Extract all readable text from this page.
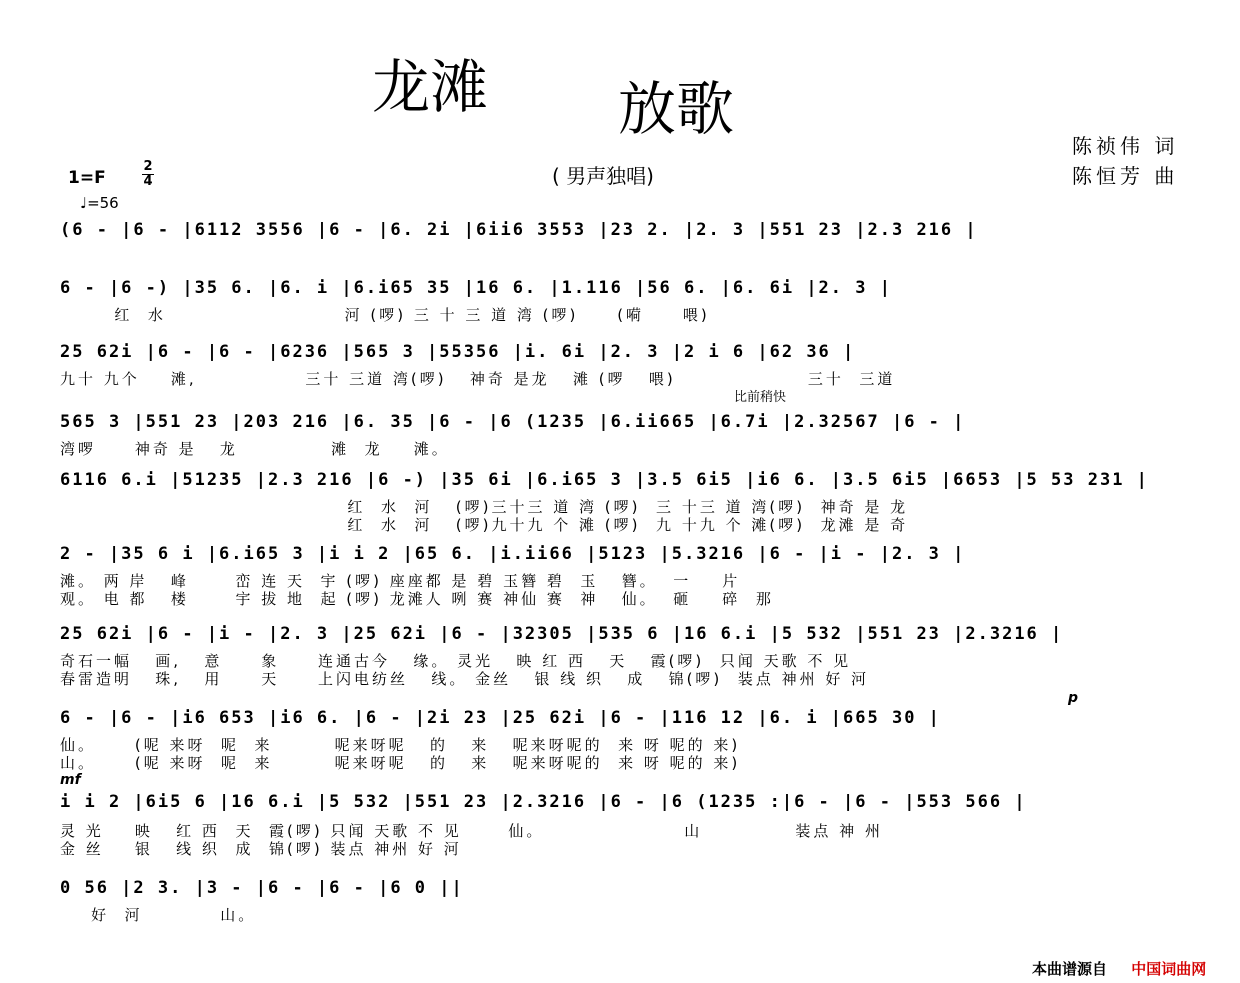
龙滩 放歌
陈祯伟 词
陈恒芳 曲
( 男声独唱)
1=F
2
4
♩=56
比前稍快
mf
p
(6 - |6 - |6112 3556 |6 - |6. 2i |6ii6 3553 |23 2. |2. 3 |551 23 |2.3 216 |
6 - |6 -) |35 6. |6. i |6.i65 35 |16 6. |1.116 |56 6. |6. 6i |2. 3 |
红  水                       河 (啰) 三 十 三 道 湾 (啰)     (嗬     喂)
25 62i |6 - |6 - |6236 |565 3 |55356 |i. 6i |2. 3 |2 i 6 |62 36 |
九十 九个    滩,              三十 三道 湾(啰)   神奇 是龙   滩 (啰   喂)                 三十  三道
565 3 |551 23 |203 216 |6. 35 |6 - |6 (1235 |6.ii665 |6.7i |2.32567 |6 - |
湾啰     神奇 是   龙            滩  龙    滩。
6116 6.i |51235 |2.3 216 |6 -) |35 6i |6.i65 3 |3.5 6i5 |i6 6. |3.5 6i5 |6653 |5 53 231 |
红  水  河   (啰)三十三 道 湾 (啰)  三 十三 道 湾(啰)  神奇 是 龙
红  水  河   (啰)九十九 个 滩 (啰)  九 十九 个 滩(啰)  龙滩 是 奇
2 - |35 6 i |6.i65 3 |i i 2 |65 6. |i.ii66 |5123 |5.3216 |6 - |i - |2. 3 |
滩。 两 岸   峰      峦 连 天  宇 (啰) 座座都 是 碧 玉簪 碧  玉   簪。  一    片
观。 电 都   楼      宇 拔 地  起 (啰) 龙滩人 咧 赛 神仙 赛  神   仙。  砸    碎  那
25 62i |6 - |i - |2. 3 |25 62i |6 - |32305 |535 6 |16 6.i |5 532 |551 23 |2.3216 |
奇石一幅   画,   意     象     连通古今   缘。 灵光   映 红 西   天   霞(啰)  只闻 天歌 不 见
春雷造明   珠,   用     天     上闪电纺丝   线。 金丝   银 线 织   成   锦(啰)  装点 神州 好 河
6 - |6 - |i6 653 |i6 6. |6 - |2i 23 |25 62i |6 - |116 12 |6. i |665 30 |
仙。     (呢 来呀  呢  来        呢来呀呢   的   来   呢来呀呢的  来 呀 呢的 来)
山。     (呢 来呀  呢  来        呢来呀呢   的   来   呢来呀呢的  来 呀 呢的 来)
i i 2 |6i5 6 |16 6.i |5 532 |551 23 |2.3216 |6 - |6 (1235 :|6 - |6 - |553 566 |
灵 光    映   红 西  天  霞(啰) 只闻 天歌 不 见      仙。                  山            装点 神 州
金 丝    银   线 织  成  锦(啰) 装点 神州 好 河
0 56 |2 3. |3 - |6 - |6 - |6 0 ||
好  河          山。
本曲谱源自 中国词曲网
